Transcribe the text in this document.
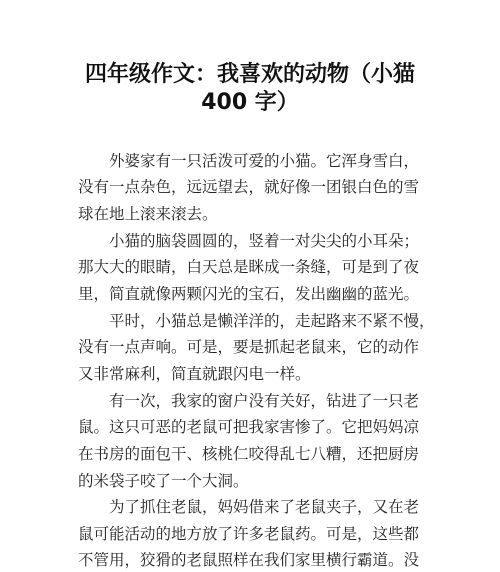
四年级作文：我喜欢的动物（小猫
400 字）
　　外婆家有一只活泼可爱的小猫。它浑身雪白，
没有一点杂色，远远望去，就好像一团银白色的雪
球在地上滚来滚去。
　　小猫的脑袋圆圆的，竖着一对尖尖的小耳朵；
那大大的眼睛，白天总是眯成一条缝，可是到了夜
里，简直就像两颗闪光的宝石，发出幽幽的蓝光。
　　平时，小猫总是懒洋洋的，走起路来不紧不慢，
没有一点声响。可是，要是抓起老鼠来，它的动作
又非常麻利，简直就跟闪电一样。
　　有一次，我家的窗户没有关好，钻进了一只老
鼠。这只可恶的老鼠可把我家害惨了。它把妈妈凉
在书房的面包干、核桃仁咬得乱七八糟，还把厨房
的米袋子咬了一个大洞。
　　为了抓住老鼠，妈妈借来了老鼠夹子，又在老
鼠可能活动的地方放了许多老鼠药。可是，这些都
不管用，狡猾的老鼠照样在我们家里横行霸道。没
